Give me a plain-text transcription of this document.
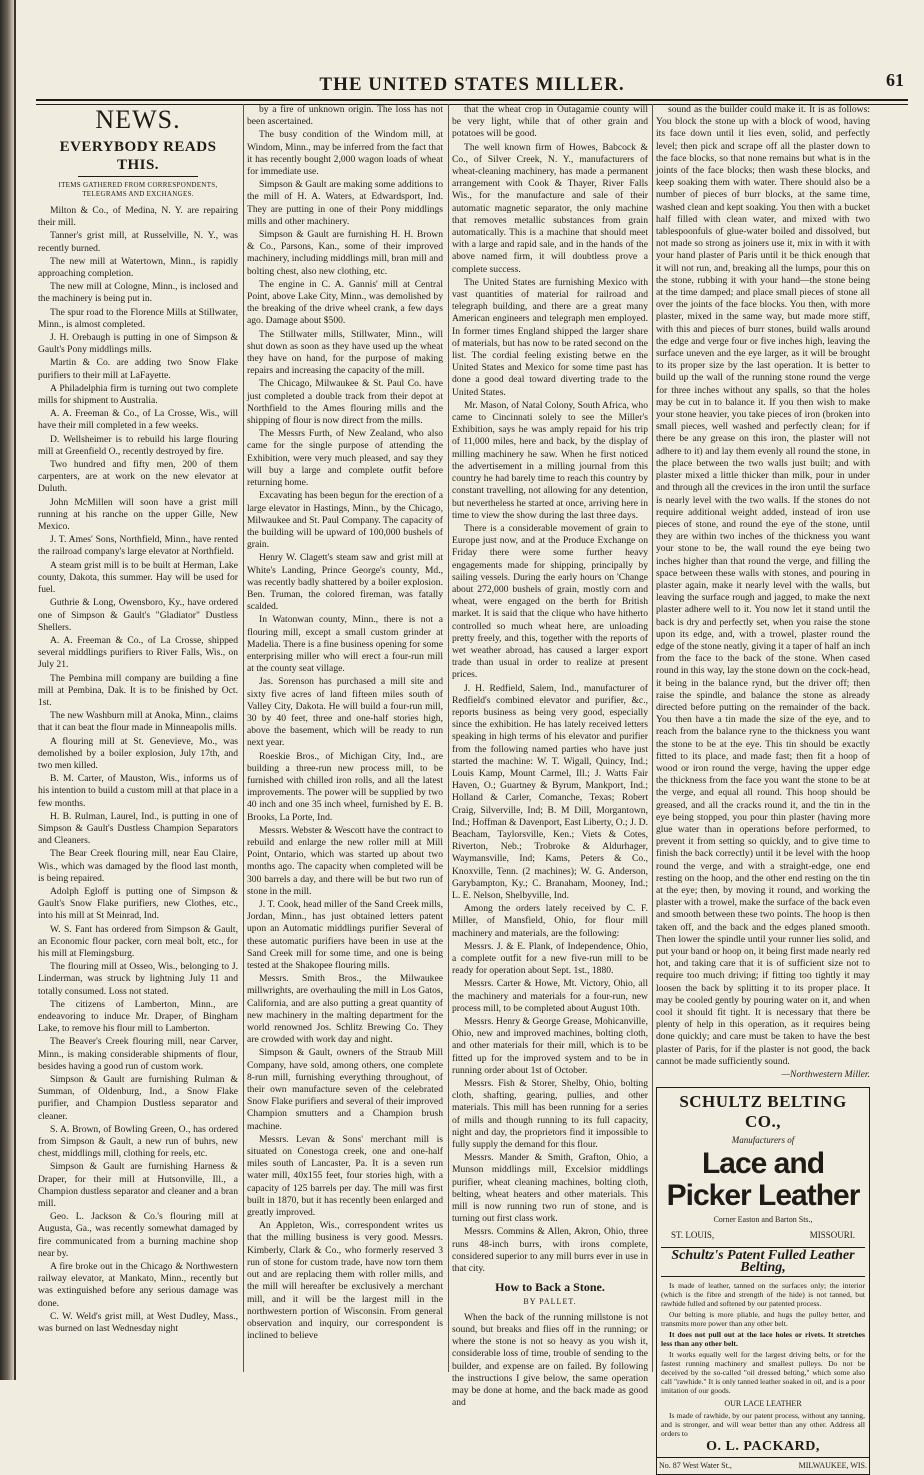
THE UNITED STATES MILLER.	61
NEWS.
EVERYBODY READS THIS.
ITEMS GATHERED FROM CORRESPONDENTS, TELEGRAMS AND EXCHANGES.

Milton & Co., of Medina, N. Y. are repairing their mill.

Tanner's grist mill, at Russelville, N. Y., was recently burned.

The new mill at Watertown, Minn., is rapidly approaching completion.

The new mill at Cologne, Minn., is inclosed and the machinery is being put in.

The spur road to the Florence Mills at Stillwater, Minn., is almost completed.

J. H. Orebaugh is putting in one of Simpson & Gault's Pony middlings mills.

Martin & Co. are adding two Snow Flake purifiers to their mill at LaFayette.

A Philadelphia firm is turning out two complete mills for shipment to Australia.

A. A. Freeman & Co., of La Crosse, Wis., will have their mill completed in a few weeks.

D. Wellsheimer is to rebuild his large flouring mill at Greenfield O., recently destroyed by fire.

Two hundred and fifty men, 200 of them carpenters, are at work on the new elevator at Duluth.

John McMillen will soon have a grist mill running at his ranche on the upper Gille, New Mexico.

J. T. Ames' Sons, Northfield, Minn., have rented the railroad company's large elevator at Northfield.

A steam grist mill is to be built at Herman, Lake county, Dakota, this summer. Hay will be used for fuel.

Guthrie & Long, Owensboro, Ky., have ordered one of Simpson & Gault's "Gladiator" Dustless Shellers.

A. A. Freeman & Co., of La Crosse, shipped several middlings purifiers to River Falls, Wis., on July 21.

The Pembina mill company are building a fine mill at Pembina, Dak. It is to be finished by Oct. 1st.

The new Washburn mill at Anoka, Minn., claims that it can beat the flour made in Minneapolis mills.

A flouring mill at St. Genevieve, Mo., was demolished by a boiler explosion, July 17th, and two men killed.

B. M. Carter, of Mauston, Wis., informs us of his intention to build a custom mill at that place in a few months.

H. B. Rulman, Laurel, Ind., is putting in one of Simpson & Gault's Dustless Champion Separators and Cleaners.

The Bear Creek flouring mill, near Eau Claire, Wis., which was damaged by the flood last month, is being repaired.

Adolph Egloff is putting one of Simpson & Gault's Snow Flake purifiers, new Clothes, etc., into his mill at St Meinrad, Ind.

W. S. Fant has ordered from Simpson & Gault, an Economic flour packer, corn meal bolt, etc., for his mill at Flemingsburg.

The flouring mill at Osseo, Wis., belonging to J. Linderman, was struck by lightning July 11 and totally consumed. Loss not stated.

The citizens of Lamberton, Minn., are endeavoring to induce Mr. Draper, of Bingham Lake, to remove his flour mill to Lamberton.

The Beaver's Creek flouring mill, near Carver, Minn., is making considerable shipments of flour, besides having a good run of custom work.

Simpson & Gault are furnishing Rulman & Summan, of Oldenburg, Ind., a Snow Flake purifier, and Champion Dustless separator and cleaner.

S. A. Brown, of Bowling Green, O., has ordered from Simpson & Gault, a new run of buhrs, new chest, middlings mill, clothing for reels, etc.

Simpson & Gault are furnishing Harness & Draper, for their mill at Hutsonville, Ill., a Champion dustless separator and cleaner and a bran mill.

Geo. L. Jackson & Co.'s flouring mill at Augusta, Ga., was recently somewhat damaged by fire communicated from a burning machine shop near by.

A fire broke out in the Chicago & Northwestern railway elevator, at Mankato, Minn., recently but was extinguished before any serious damage was done.

C. W. Weld's grist mill, at West Dudley, Mass., was burned on last Wednesday night

by a fire of unknown origin. The loss has not been ascertained.

The busy condition of the Windom mill, at Windom, Minn., may be inferred from the fact that it has recently bought 2,000 wagon loads of wheat for immediate use.

Simpson & Gault are making some additions to the mill of H. A. Waters, at Edwardsport, Ind. They are putting in one of their Pony middlings mills and other machinery.

Simpson & Gault are furnishing H. H. Brown & Co., Parsons, Kan., some of their improved machinery, including middlings mill, bran mill and bolting chest, also new clothing, etc.

The engine in C. A. Gannis' mill at Central Point, above Lake City, Minn., was demolished by the breaking of the drive wheel crank, a few days ago. Damage about $500.

The Stillwater mills, Stillwater, Minn., will shut down as soon as they have used up the wheat they have on hand, for the purpose of making repairs and increasing the capacity of the mill.

The Chicago, Milwaukee & St. Paul Co. have just completed a double track from their depot at Northfield to the Ames flouring mills and the shipping of flour is now direct from the mills.

The Messrs Furth, of New Zealand, who also came for the single purpose of attending the Exhibition, were very much pleased, and say they will buy a large and complete outfit before returning home.

Excavating has been begun for the erection of a large elevator in Hastings, Minn., by the Chicago, Milwaukee and St. Paul Company. The capacity of the building will be upward of 100,000 bushels of grain.

Henry W. Clagett's steam saw and grist mill at White's Landing, Prince George's county, Md., was recently badly shattered by a boiler explosion. Ben. Truman, the colored fireman, was fatally scalded.

In Watonwan county, Minn., there is not a flouring mill, except a small custom grinder at Madelia. There is a fine business opening for some enterprising miller who will erect a four-run mill at the county seat village.

Jas. Sorenson has purchased a mill site and sixty five acres of land fifteen miles south of Valley City, Dakota. He will build a four-run mill, 30 by 40 feet, three and one-half stories high, above the basement, which will be ready to run next year.

Roeskie Bros., of Michigan City, Ind., are building a three-run new process mill, to be furnished with chilled iron rolls, and all the latest improvements. The power will be supplied by two 40 inch and one 35 inch wheel, furnished by E. B. Brooks, La Porte, Ind.

Messrs. Webster & Wescott have the contract to rebuild and enlarge the new roller mill at Mill Point, Ontario, which was started up about two months ago. The capacity when completed will be 300 barrels a day, and there will be but two run of stone in the mill.

J. T. Cook, head miller of the Sand Creek mills, Jordan, Minn., has just obtained letters patent upon an Automatic middlings purifier Several of these automatic purifiers have been in use at the Sand Creek mill for some time, and one is being tested at the Shakopee flouring mills.

Messrs. Smith Bros., the Milwaukee millwrights, are overhauling the mill in Los Gatos, California, and are also putting a great quantity of new machinery in the malting department for the world renowned Jos. Schlitz Brewing Co. They are crowded with work day and night.

Simpson & Gault, owners of the Straub Mill Company, have sold, among others, one complete 8-run mill, furnishing everything throughout, of their own manufacture seven of the celebrated Snow Flake purifiers and several of their improved Champion smutters and a Champion brush machine.

Messrs. Levan & Sons' merchant mill is situated on Conestoga creek, one and one-half miles south of Lancaster, Pa. It is a seven run water mill, 40x155 feet, four stories high, with a capacity of 125 barrels per day. The mill was first built in 1870, but it has recently been enlarged and greatly improved.

An Appleton, Wis., correspondent writes us that the milling business is very good. Messrs. Kimberly, Clark & Co., who formerly reserved 3 run of stone for custom trade, have now torn them out and are replacing them with roller mills, and the mill will hereafter be exclusively a merchant mill, and it will be the largest mill in the northwestern portion of Wisconsin. From general observation and inquiry, our correspondent is inclined to believe

that the wheat crop in Outagamie county will be very light, while that of other grain and potatoes will be good.

The well known firm of Howes, Babcock & Co., of Silver Creek, N. Y., manufacturers of wheat-cleaning machinery, has made a permanent arrangement with Cook & Thayer, River Falls Wis., for the manufacture and sale of their automatic magnetic separator, the only machine that removes metallic substances from grain automatically. This is a machine that should meet with a large and rapid sale, and in the hands of the above named firm, it will doubtless prove a complete success.

The United States are furnishing Mexico with vast quantities of material for railroad and telegraph building, and there are a great many American engineers and telegraph men employed. In former times England shipped the larger share of materials, but has now to be rated second on the list. The cordial feeling existing betwe en the United States and Mexico for some time past has done a good deal toward diverting trade to the United States.

Mr. Mason, of Natal Colony, South Africa, who came to Cincinnati solely to see the Miller's Exhibition, says he was amply repaid for his trip of 11,000 miles, here and back, by the display of milling machinery he saw. When he first noticed the advertisement in a milling journal from this country he had barely time to reach this country by constant travelling, not allowing for any detention, but nevertheless he started at once, arriving here in time to view the show during the last three days.

There is a considerable movement of grain to Europe just now, and at the Produce Exchange on Friday there were some further heavy engagements made for shipping, principally by sailing vessels. During the early hours on 'Change about 272,000 bushels of grain, mostly corn and wheat, were engaged on the berth for British market. It is said that the clique who have hitherto controlled so much wheat here, are unloading pretty freely, and this, together with the reports of wet weather abroad, has caused a larger export trade than usual in order to realize at present prices.

J. H. Redfield, Salem, Ind., manufacturer of Redfield's combined elevator and purifier, &c., reports business as being very good, especially since the exhibition. He has lately received letters speaking in high terms of his elevator and purifier from the following named parties who have just started the machine: W. T. Wigall, Quincy, Ind.; Louis Kamp, Mount Carmel, Ill.; J. Watts Fair Haven, O.; Guartney & Byrum, Mankport, Ind.; Holland & Carler, Comanche, Texas; Robert Craig, Silverville, Ind; B. M Dill, Morgantown, Ind.; Hoffman & Davenport, East Liberty, O.; J. D. Beacham, Taylorsville, Ken.; Viets & Cotes, Riverton, Neb.; Trobroke & Aldurhager, Waymansville, Ind; Kams, Peters & Co., Knoxville, Tenn. (2 machines); W. G. Anderson, Garybampton, Ky.; C. Branaham, Mooney, Ind.; L. E. Nelson, Shelbyville, Ind.

Among the orders lately received by C. F. Miller, of Mansfield, Ohio, for flour mill machinery and materials, are the following:

Messrs. J. & E. Plank, of Independence, Ohio, a complete outfit for a new five-run mill to be ready for operation about Sept. 1st., 1880.

Messrs. Carter & Howe, Mt. Victory, Ohio, all the machinery and materials for a four-run, new process mill, to be completed about August 10th.

Messrs. Henry & George Grease, Mohicanville, Ohio, new and improved machines, bolting cloth, and other materials for their mill, which is to be fitted up for the improved system and to be in running order about 1st of October.

Messrs. Fish & Storer, Shelby, Ohio, bolting cloth, shafting, gearing, pullies, and other materials. This mill has been running for a series of mills and though running to its full capacity, night and day, the proprietors find it impossible to fully supply the demand for this flour.

Messrs. Mander & Smith, Grafton, Ohio, a Munson middlings mill, Excelsior middlings purifier, wheat cleaning machines, bolting cloth, belting, wheat heaters and other materials. This mill is now running two run of stone, and is turning out first class work.

Messrs. Commins & Allen, Akron, Ohio, three runs 48-inch burrs, with irons complete, considered superior to any mill burrs ever in use in that city.

How to Back a Stone.
BY PALLET.

When the back of the running millstone is not sound, but breaks and flies off in the running; or where the stone is not so heavy as you wish it, considerable loss of time, trouble of sending to the builder, and expense are on failed. By following the instructions I give below, the same operation may be done at home, and the back made as good and

sound as the builder could make it. It is as follows: You block the stone up with a block of wood, having its face down until it lies even, solid, and perfectly level; then pick and scrape off all the plaster down to the face blocks, so that none remains but what is in the joints of the face blocks; then wash these blocks, and keep soaking them with water. There should also be a number of pieces of burr blocks, at the same time, washed clean and kept soaking. You then with a bucket half filled with clean water, and mixed with two tablespoonfuls of glue-water boiled and dissolved, but not made so strong as joiners use it, mix in with it with your hand plaster of Paris until it be thick enough that it will not run, and, breaking all the lumps, pour this on the stone, rubbing it with your hand—the stone being at the time damped; and place small pieces of stone all over the joints of the face blocks. You then, with more plaster, mixed in the same way, but made more stiff, with this and pieces of burr stones, build walls around the edge and verge four or five inches high, leaving the surface uneven and the eye larger, as it will be brought to its proper size by the last operation. It is better to build up the wall of the running stone round the verge for three inches without any spalls, so that the holes may be cut in to balance it. If you then wish to make your stone heavier, you take pieces of iron (broken into small pieces, well washed and perfectly clean; for if there be any grease on this iron, the plaster will not adhere to it) and lay them evenly all round the stone, in the place between the two walls just built; and with plaster mixed a little thicker than milk, pour in under and through all the crevices in the iron until the surface is nearly level with the two walls. If the stones do not require additional weight added, instead of iron use pieces of stone, and round the eye of the stone, until they are within two inches of the thickness you want your stone to be, the wall round the eye being two inches higher than that round the verge, and filling the space between these walls with stones, and pouring in plaster again, make it nearly level with the walls, but leaving the surface rough and jagged, to make the next plaster adhere well to it. You now let it stand until the back is dry and perfectly set, when you raise the stone upon its edge, and, with a trowel, plaster round the edge of the stone neatly, giving it a taper of half an inch from the face to the back of the stone. When cased round in this way, lay the stone down on the cock-head, it being in the balance rynd, but the driver off; then raise the spindle, and balance the stone as already directed before putting on the remainder of the back. You then have a tin made the size of the eye, and to reach from the balance ryne to the thickness you want the stone to be at the eye. This tin should be exactly fitted to its place, and made fast; then fit a hoop of wood or iron round the verge, having the upper edge the thickness from the face you want the stone to be at the verge, and equal all round. This hoop should be greased, and all the cracks round it, and the tin in the eye being stopped, you pour thin plaster (having more glue water than in operations before performed, to prevent it from setting so quickly, and to give time to finish the back correctly) until it be level with the hoop round the verge, and with a straight-edge, one end resting on the hoop, and the other end resting on the tin at the eye; then, by moving it round, and working the plaster with a trowel, make the surface of the back even and smooth between these two points. The hoop is then taken off, and the back and the edges planed smooth. Then lower the spindle until your runner lies solid, and put your band or hoop on, it being first made nearly red hot, and taking care that it is of sufficient size not to require too much driving; if fitting too tightly it may loosen the back by splitting it to its proper place. It may be cooled gently by pouring water on it, and when cool it should fit tight. It is necessary that there be plenty of help in this operation, as it requires being done quickly; and care must be taken to have the best plaster of Paris, for if the plaster is not good, the back cannot be made sufficiently sound.

—Northwestern Miller.
SCHULTZ BELTING CO.,
Manufacturers of
Lace and Picker Leather
Corner Easton and Barton Sts.,
ST. LOUIS,	MISSOURI.
Schultz's Patent Fulled Leather Belting,

Is made of leather, tanned on the surfaces only; the interior (which is the fibre and strength of the hide) is not tanned, but rawhide fulled and softened by our patented process.

Our belting is more pliable, and hugs the pulley better, and transmits more power than any other belt.

It does not pull out at the lace holes or rivets. It stretches less than any other belt.

It works equally well for the largest driving belts, or for the fastest running machinery and smallest pulleys. Do not be deceived by the so-called "oil dressed belting," which some also call "rawhide." It is only tanned leather soaked in oil, and is a poor imitation of our goods.

OUR LACE LEATHER

Is made of rawhide, by our patent process, without any tanning, and is stronger, and will wear better than any other. Address all orders to

O. L. PACKARD,
No. 87 West Water St.,	MILWAUKEE, WIS.
